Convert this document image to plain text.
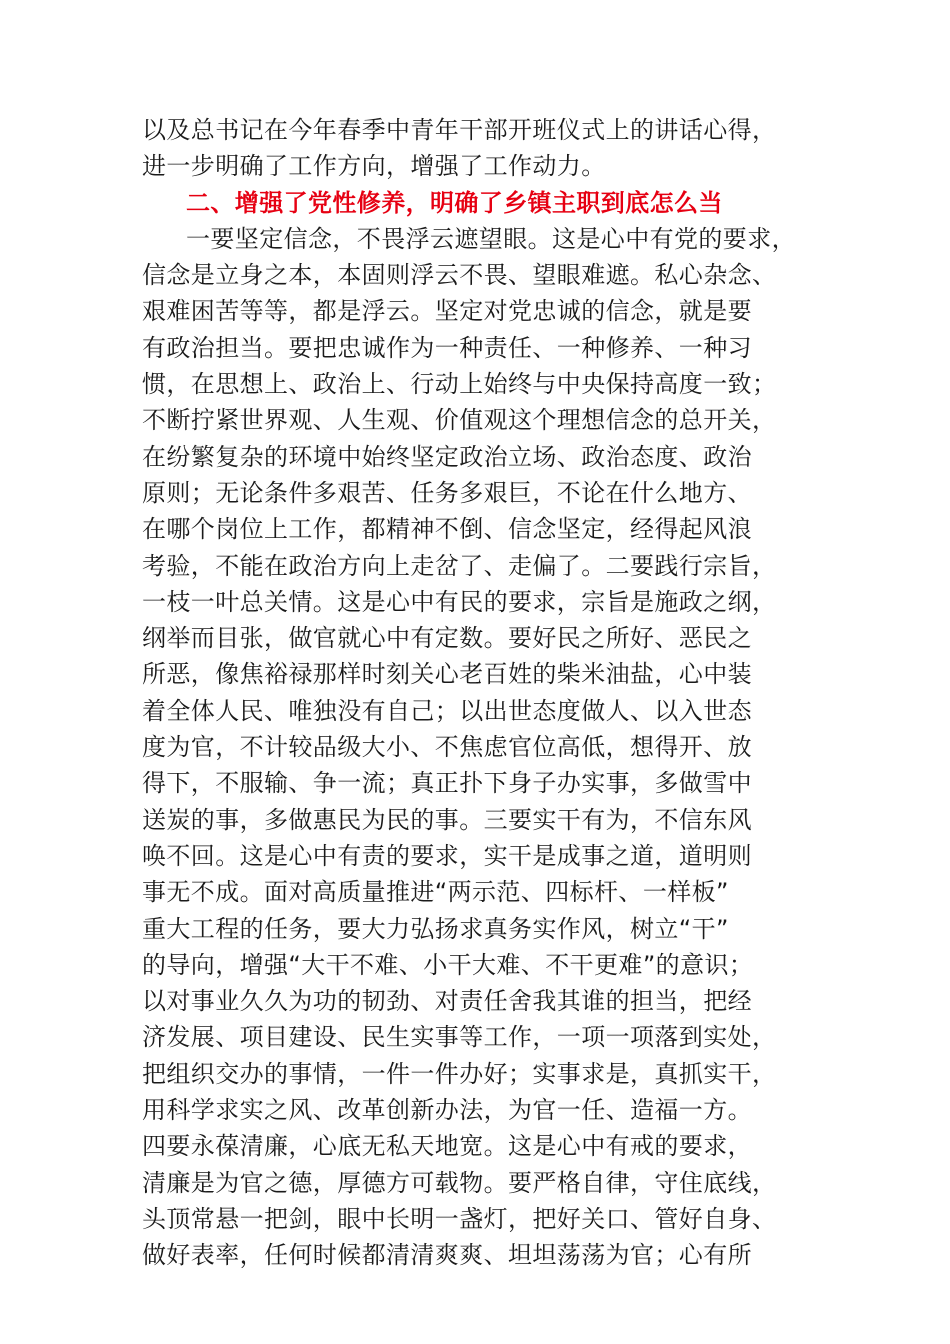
以及总书记在今年春季中青年干部开班仪式上的讲话心得，
进一步明确了工作方向，增强了工作动力。
二、增强了党性修养，明确了乡镇主职到底怎么当
一要坚定信念，不畏浮云遮望眼。这是心中有党的要求，
信念是立身之本，本固则浮云不畏、望眼难遮。私心杂念、
艰难困苦等等，都是浮云。坚定对党忠诚的信念，就是要
有政治担当。要把忠诚作为一种责任、一种修养、一种习
惯，在思想上、政治上、行动上始终与中央保持高度一致；
不断拧紧世界观、人生观、价值观这个理想信念的总开关，
在纷繁复杂的环境中始终坚定政治立场、政治态度、政治
原则；无论条件多艰苦、任务多艰巨，不论在什么地方、
在哪个岗位上工作，都精神不倒、信念坚定，经得起风浪
考验，不能在政治方向上走岔了、走偏了。二要践行宗旨，
一枝一叶总关情。这是心中有民的要求，宗旨是施政之纲，
纲举而目张，做官就心中有定数。要好民之所好、恶民之
所恶，像焦裕禄那样时刻关心老百姓的柴米油盐，心中装
着全体人民、唯独没有自己；以出世态度做人、以入世态
度为官，不计较品级大小、不焦虑官位高低，想得开、放
得下，不服输、争一流；真正扑下身子办实事，多做雪中
送炭的事，多做惠民为民的事。三要实干有为，不信东风
唤不回。这是心中有责的要求，实干是成事之道，道明则
事无不成。面对高质量推进“两示范、四标杆、一样板”
重大工程的任务，要大力弘扬求真务实作风，树立“干”
的导向，增强“大干不难、小干大难、不干更难”的意识；
以对事业久久为功的韧劲、对责任舍我其谁的担当，把经
济发展、项目建设、民生实事等工作，一项一项落到实处，
把组织交办的事情，一件一件办好；实事求是，真抓实干，
用科学求实之风、改革创新办法，为官一任、造福一方。
四要永葆清廉，心底无私天地宽。这是心中有戒的要求，
清廉是为官之德，厚德方可载物。要严格自律，守住底线，
头顶常悬一把剑，眼中长明一盏灯，把好关口、管好自身、
做好表率，任何时候都清清爽爽、坦坦荡荡为官；心有所
